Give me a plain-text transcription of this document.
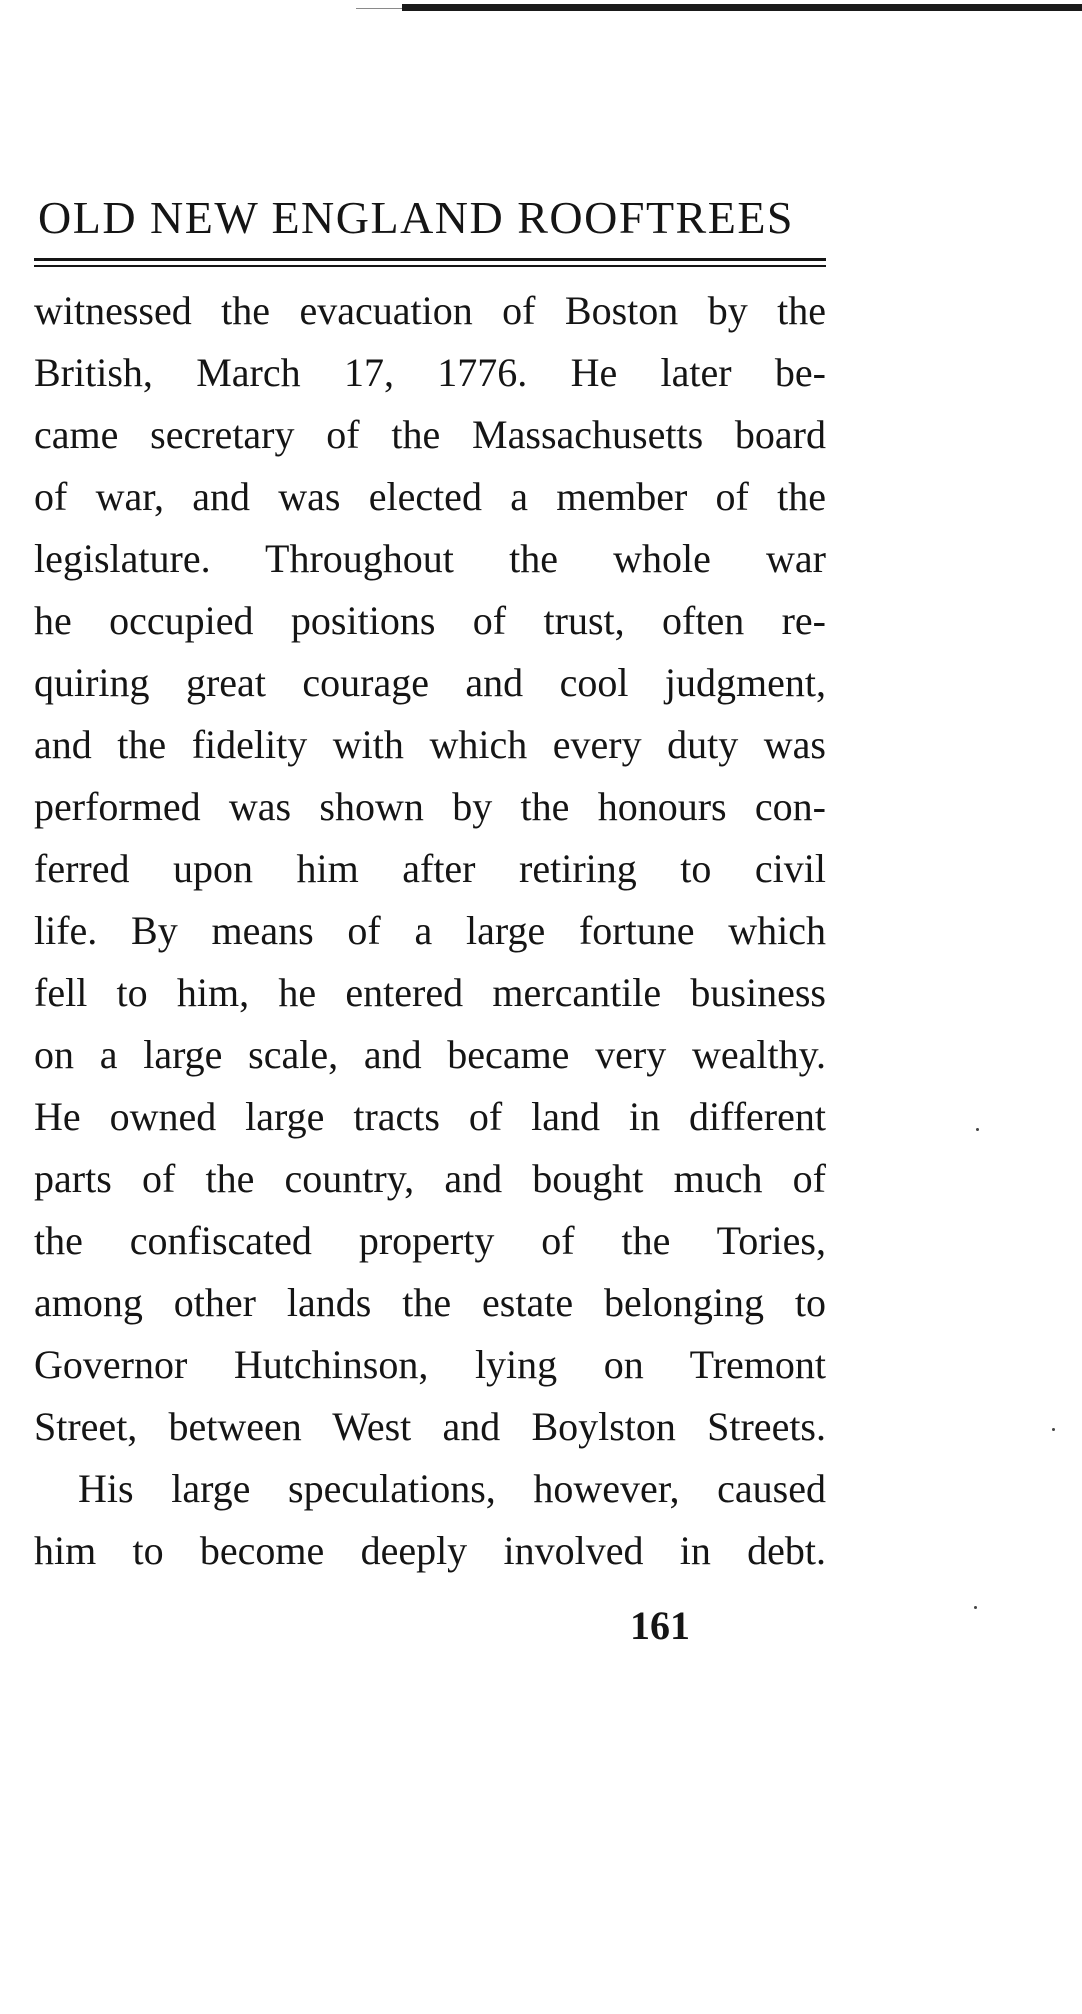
OLD NEW ENGLAND ROOFTREES
witnessed the evacuation of Boston by the
British, March 17, 1776. He later be-
came secretary of the Massachusetts board
of war, and was elected a member of the
legislature. Throughout the whole war
he occupied positions of trust, often re-
quiring great courage and cool judgment,
and the fidelity with which every duty was
performed was shown by the honours con-
ferred upon him after retiring to civil
life. By means of a large fortune which
fell to him, he entered mercantile business
on a large scale, and became very wealthy.
He owned large tracts of land in different
parts of the country, and bought much of
the confiscated property of the Tories,
among other lands the estate belonging to
Governor Hutchinson, lying on Tremont
Street, between West and Boylston Streets.
His large speculations, however, caused
him to become deeply involved in debt.
161
